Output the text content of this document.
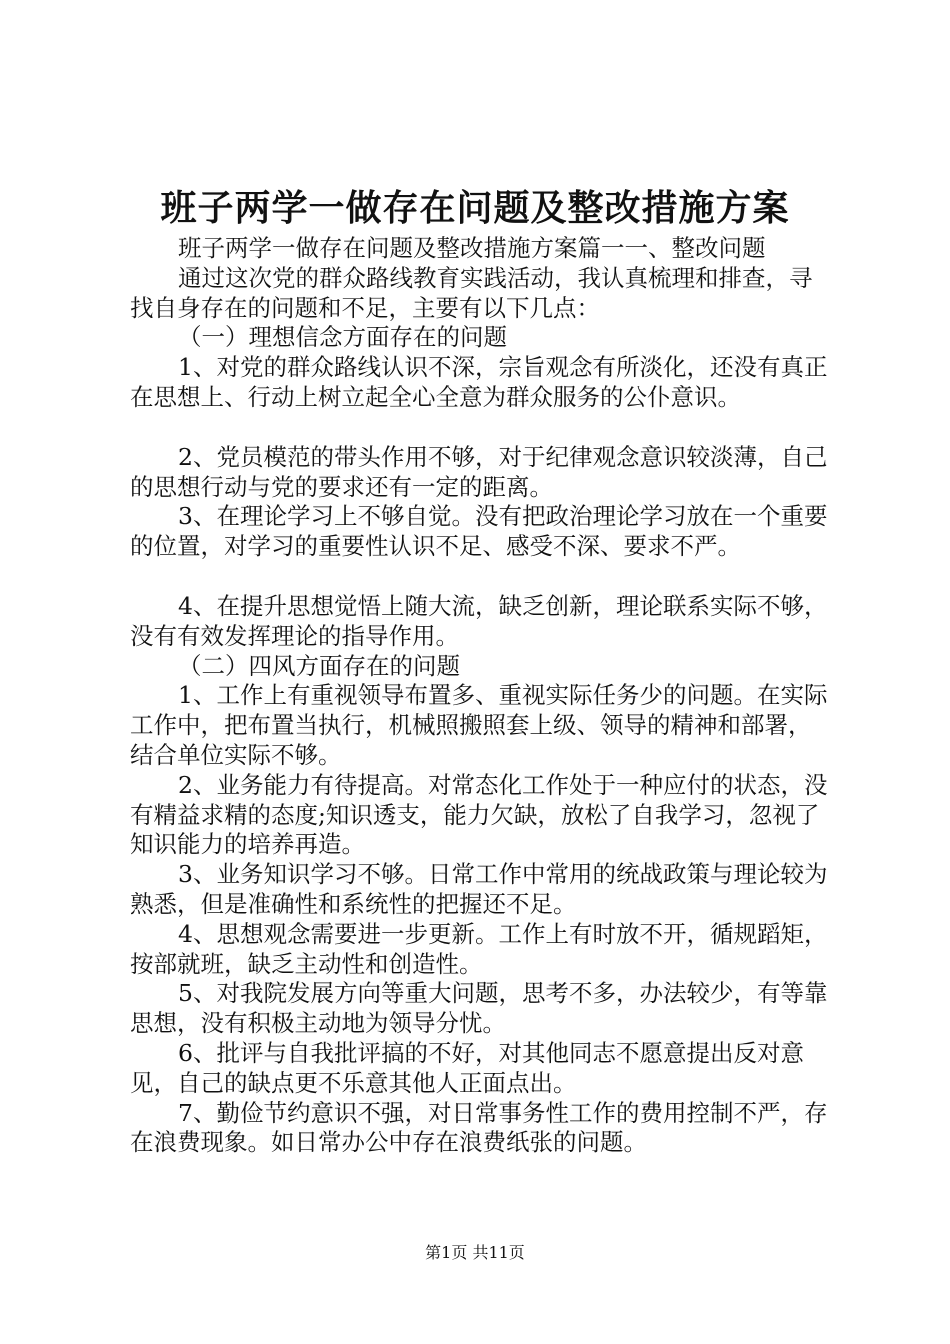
班子两学一做存在问题及整改措施方案

班子两学一做存在问题及整改措施方案篇一一、整改问题

通过这次党的群众路线教育实践活动，我认真梳理和排查，寻找自身存在的问题和不足，主要有以下几点：

（一）理想信念方面存在的问题

1、对党的群众路线认识不深，宗旨观念有所淡化，还没有真正在思想上、行动上树立起全心全意为群众服务的公仆意识。

2、党员模范的带头作用不够，对于纪律观念意识较淡薄，自己的思想行动与党的要求还有一定的距离。

3、在理论学习上不够自觉。没有把政治理论学习放在一个重要的位置，对学习的重要性认识不足、感受不深、要求不严。

4、在提升思想觉悟上随大流，缺乏创新，理论联系实际不够，没有有效发挥理论的指导作用。

（二）四风方面存在的问题

1、工作上有重视领导布置多、重视实际任务少的问题。在实际工作中，把布置当执行，机械照搬照套上级、领导的精神和部署，结合单位实际不够。

2、业务能力有待提高。对常态化工作处于一种应付的状态，没有精益求精的态度;知识透支，能力欠缺，放松了自我学习，忽视了知识能力的培养再造。

3、业务知识学习不够。日常工作中常用的统战政策与理论较为熟悉，但是准确性和系统性的把握还不足。

4、思想观念需要进一步更新。工作上有时放不开，循规蹈矩，按部就班，缺乏主动性和创造性。

5、对我院发展方向等重大问题，思考不多，办法较少，有等靠思想，没有积极主动地为领导分忧。

6、批评与自我批评搞的不好，对其他同志不愿意提出反对意见，自己的缺点更不乐意其他人正面点出。

7、勤俭节约意识不强，对日常事务性工作的费用控制不严，存在浪费现象。如日常办公中存在浪费纸张的问题。

第1页 共11页
